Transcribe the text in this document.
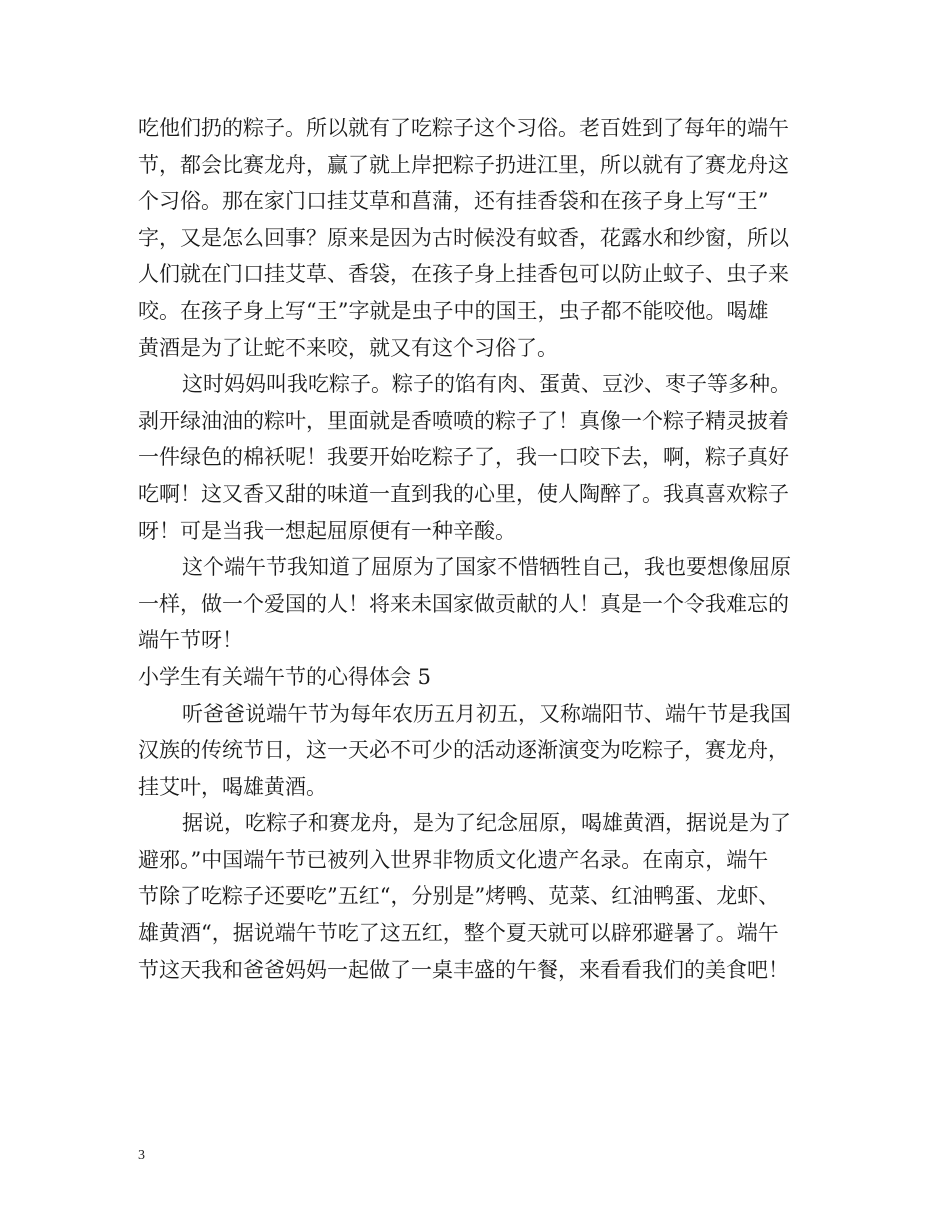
吃他们扔的粽子。所以就有了吃粽子这个习俗。老百姓到了每年的端午
节，都会比赛龙舟，赢了就上岸把粽子扔进江里，所以就有了赛龙舟这
个习俗。那在家门口挂艾草和菖蒲，还有挂香袋和在孩子身上写“王”
字，又是怎么回事？原来是因为古时候没有蚊香，花露水和纱窗，所以
人们就在门口挂艾草、香袋，在孩子身上挂香包可以防止蚊子、虫子来
咬。在孩子身上写“王”字就是虫子中的国王，虫子都不能咬他。喝雄
黄酒是为了让蛇不来咬，就又有这个习俗了。
这时妈妈叫我吃粽子。粽子的馅有肉、蛋黄、豆沙、枣子等多种。
剥开绿油油的粽叶，里面就是香喷喷的粽子了！真像一个粽子精灵披着
一件绿色的棉袄呢！我要开始吃粽子了，我一口咬下去，啊，粽子真好
吃啊！这又香又甜的味道一直到我的心里，使人陶醉了。我真喜欢粽子
呀！可是当我一想起屈原便有一种辛酸。
这个端午节我知道了屈原为了国家不惜牺牲自己，我也要想像屈原
一样，做一个爱国的人！将来未国家做贡献的人！真是一个令我难忘的
端午节呀！
小学生有关端午节的心得体会 5
听爸爸说端午节为每年农历五月初五，又称端阳节、端午节是我国
汉族的传统节日，这一天必不可少的活动逐渐演变为吃粽子，赛龙舟，
挂艾叶，喝雄黄酒。
据说，吃粽子和赛龙舟，是为了纪念屈原，喝雄黄酒，据说是为了
避邪。”中国端午节已被列入世界非物质文化遗产名录。在南京，端午
节除了吃粽子还要吃”五红“，分别是”烤鸭、苋菜、红油鸭蛋、龙虾、
雄黄酒“，据说端午节吃了这五红，整个夏天就可以辟邪避暑了。端午
节这天我和爸爸妈妈一起做了一桌丰盛的午餐，来看看我们的美食吧！
3
